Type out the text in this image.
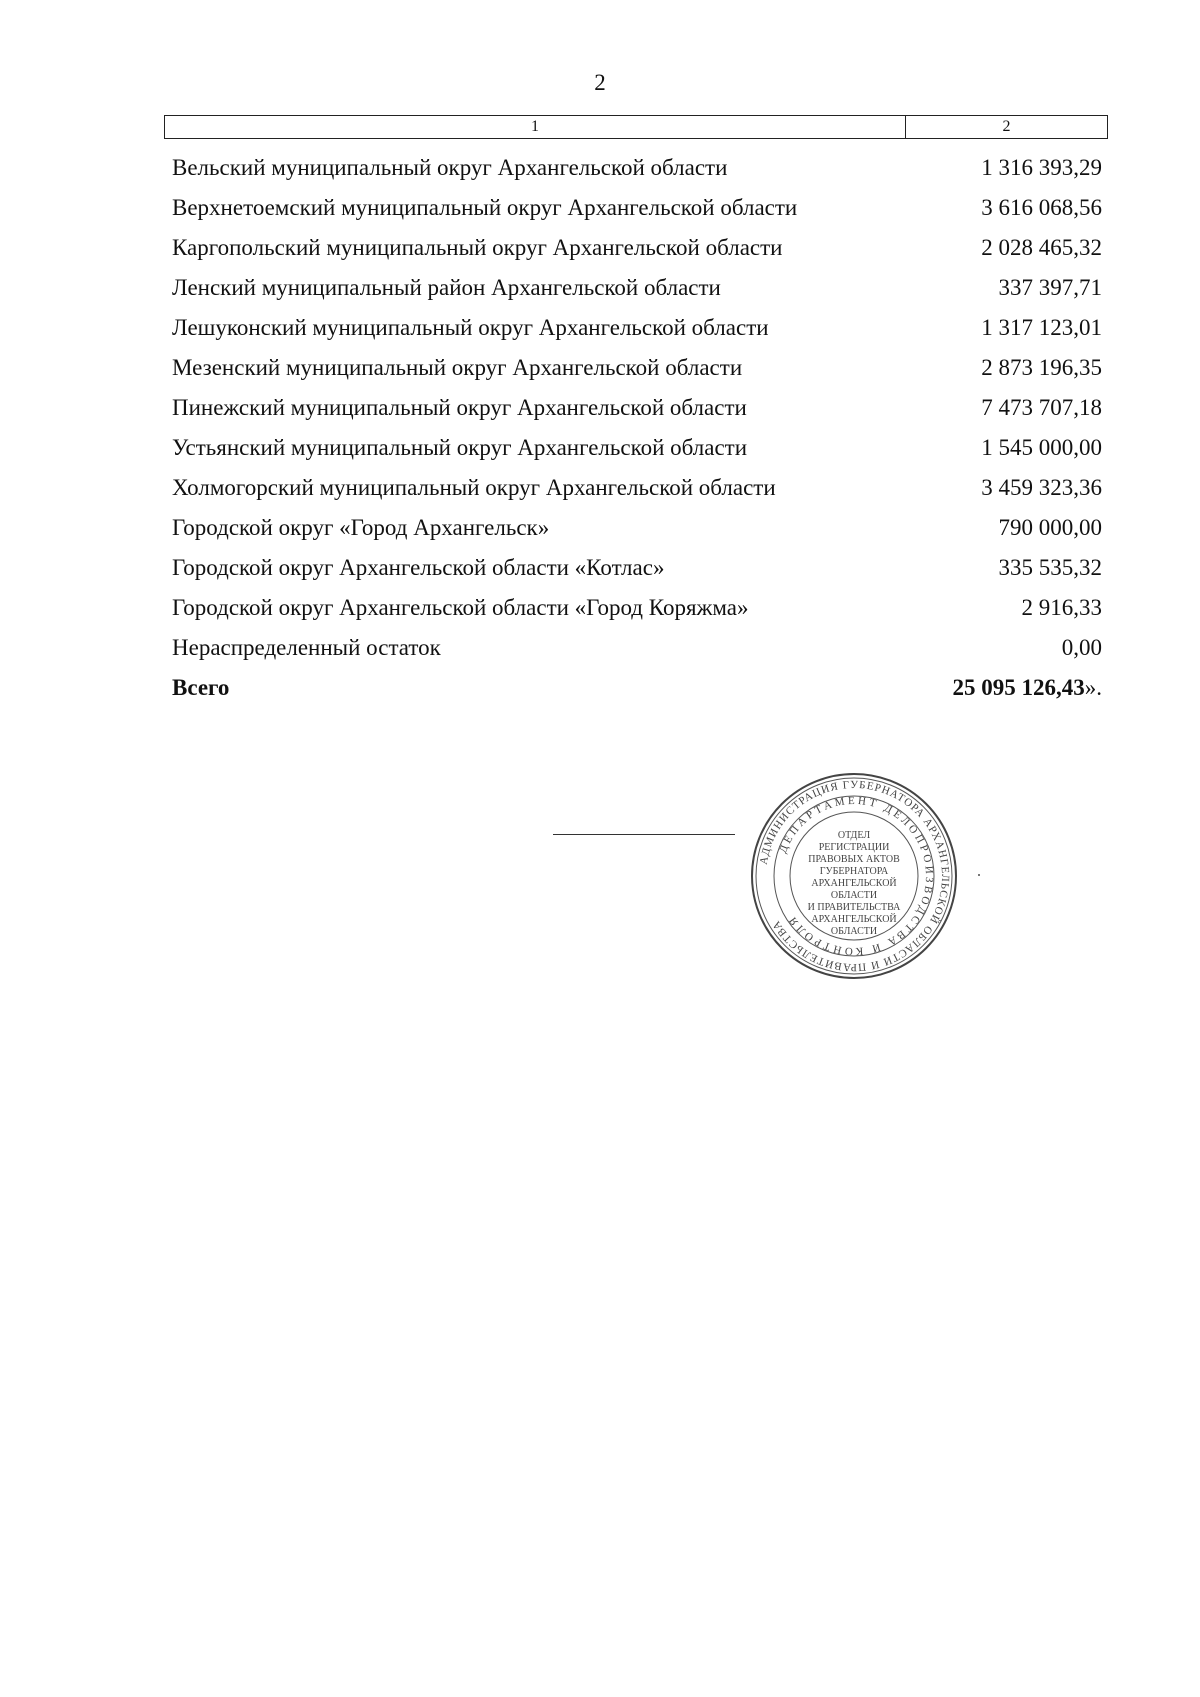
2
1	2
Вельский муниципальный округ Архангельской области	1 316 393,29
Верхнетоемский муниципальный округ Архангельской области	3 616 068,56
Каргопольский муниципальный округ Архангельской области	2 028 465,32
Ленский муниципальный район Архангельской области	337 397,71
Лешуконский муниципальный округ Архангельской области	1 317 123,01
Мезенский муниципальный округ Архангельской области	2 873 196,35
Пинежский муниципальный округ Архангельской области	7 473 707,18
Устьянский муниципальный округ Архангельской области	1 545 000,00
Холмогорский муниципальный округ Архангельской области	3 459 323,36
Городской округ «Город Архангельск»	790 000,00
Городской округ Архангельской области «Котлас»	335 535,32
Городской округ Архангельской области «Город Коряжма»	2 916,33
Нераспределенный остаток	0,00
Всего	25 095 126,43».
АДМИНИСТРАЦИЯ ГУБЕРНАТОРА АРХАНГЕЛЬСКОЙ ОБЛАСТИ И ПРАВИТЕЛЬСТВА
ДЕПАРТАМЕНТ ДЕЛОПРОИЗВОДСТВА И КОНТРОЛЯ
ОТДЕЛ
РЕГИСТРАЦИИ
ПРАВОВЫХ АКТОВ
ГУБЕРНАТОРА
АРХАНГЕЛЬСКОЙ
ОБЛАСТИ
И ПРАВИТЕЛЬСТВА
АРХАНГЕЛЬСКОЙ
ОБЛАСТИ
